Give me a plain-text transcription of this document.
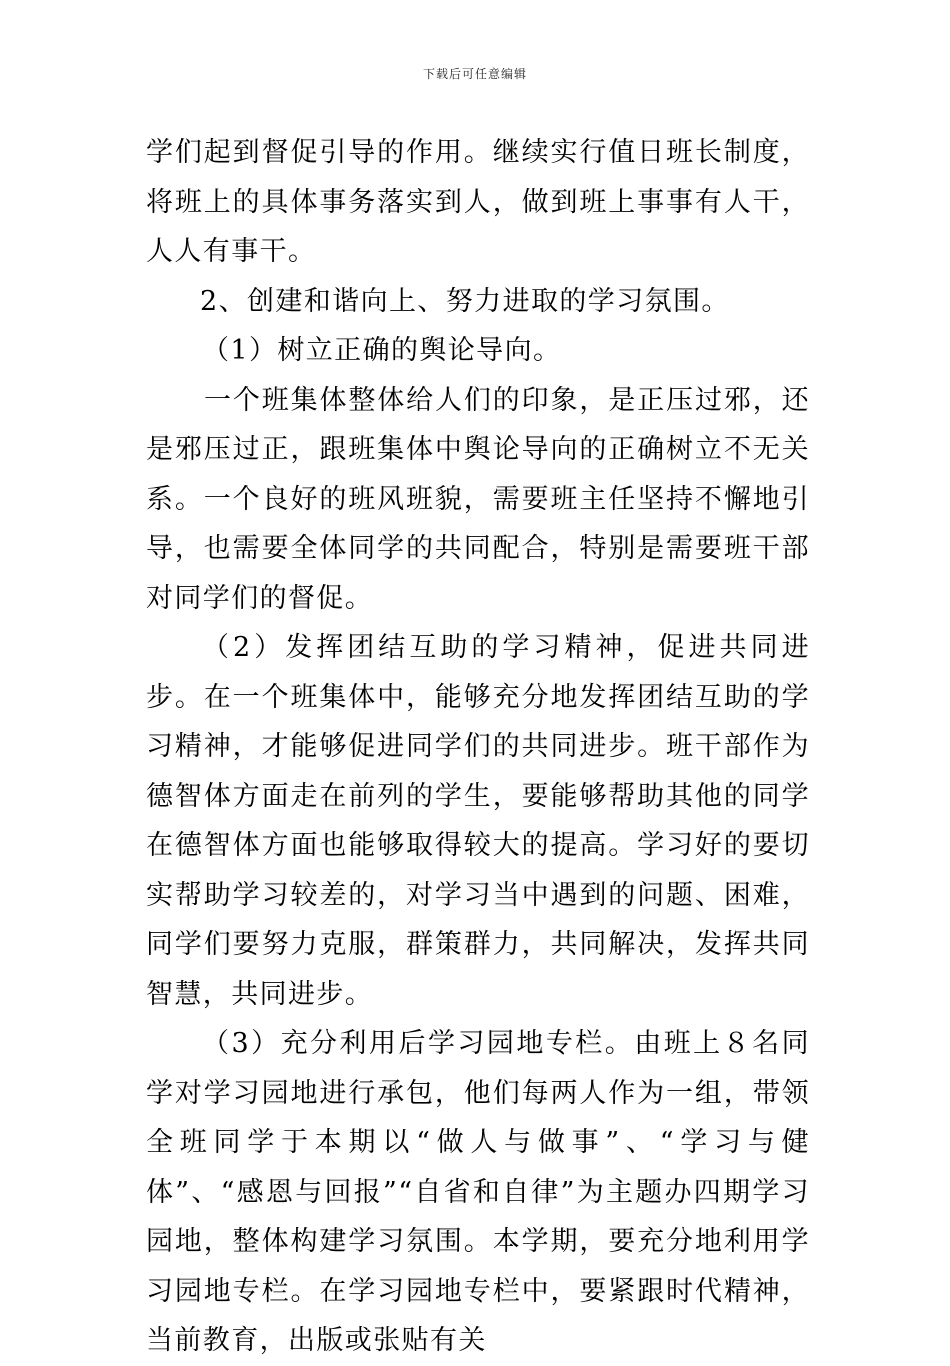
下载后可任意编辑

学们起到督促引导的作用。继续实行值日班长制度，将班上的具体事务落实到人，做到班上事事有人干，人人有事干。

2、创建和谐向上、努力进取的学习氛围。

（1）树立正确的舆论导向。

一个班集体整体给人们的印象，是正压过邪，还是邪压过正，跟班集体中舆论导向的正确树立不无关系。一个良好的班风班貌，需要班主任坚持不懈地引导，也需要全体同学的共同配合，特别是需要班干部对同学们的督促。

（2）发挥团结互助的学习精神，促进共同进步。在一个班集体中，能够充分地发挥团结互助的学习精神，才能够促进同学们的共同进步。班干部作为德智体方面走在前列的学生，要能够帮助其他的同学在德智体方面也能够取得较大的提高。学习好的要切实帮助学习较差的，对学习当中遇到的问题、困难，同学们要努力克服，群策群力，共同解决，发挥共同智慧，共同进步。

（3）充分利用后学习园地专栏。由班上８名同学对学习园地进行承包，他们每两人作为一组，带领全班同学于本期以“做人与做事”、“学习与健体”、“感恩与回报”“自省和自律”为主题办四期学习园地，整体构建学习氛围。本学期，要充分地利用学习园地专栏。在学习园地专栏中，要紧跟时代精神，当前教育，出版或张贴有关
